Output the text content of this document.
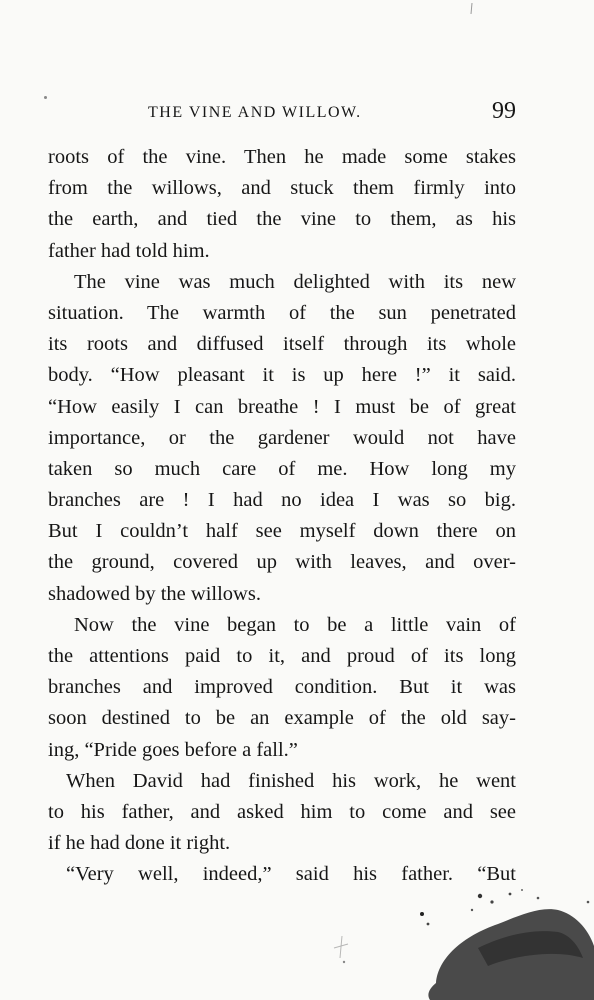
THE VINE AND WILLOW.	99
roots of the vine. Then he made some stakes
from the willows, and stuck them firmly into
the earth, and tied the vine to them, as his
father had told him.
The vine was much delighted with its new
situation. The warmth of the sun penetrated
its roots and diffused itself through its whole
body. “How pleasant it is up here !” it said.
“How easily I can breathe ! I must be of great
importance, or the gardener would not have
taken so much care of me. How long my
branches are ! I had no idea I was so big.
But I couldn’t half see myself down there on
the ground, covered up with leaves, and over-
shadowed by the willows.
Now the vine began to be a little vain of
the attentions paid to it, and proud of its long
branches and improved condition. But it was
soon destined to be an example of the old say-
ing, “Pride goes before a fall.”
When David had finished his work, he went
to his father, and asked him to come and see
if he had done it right.
“Very well, indeed,” said his father. “But
